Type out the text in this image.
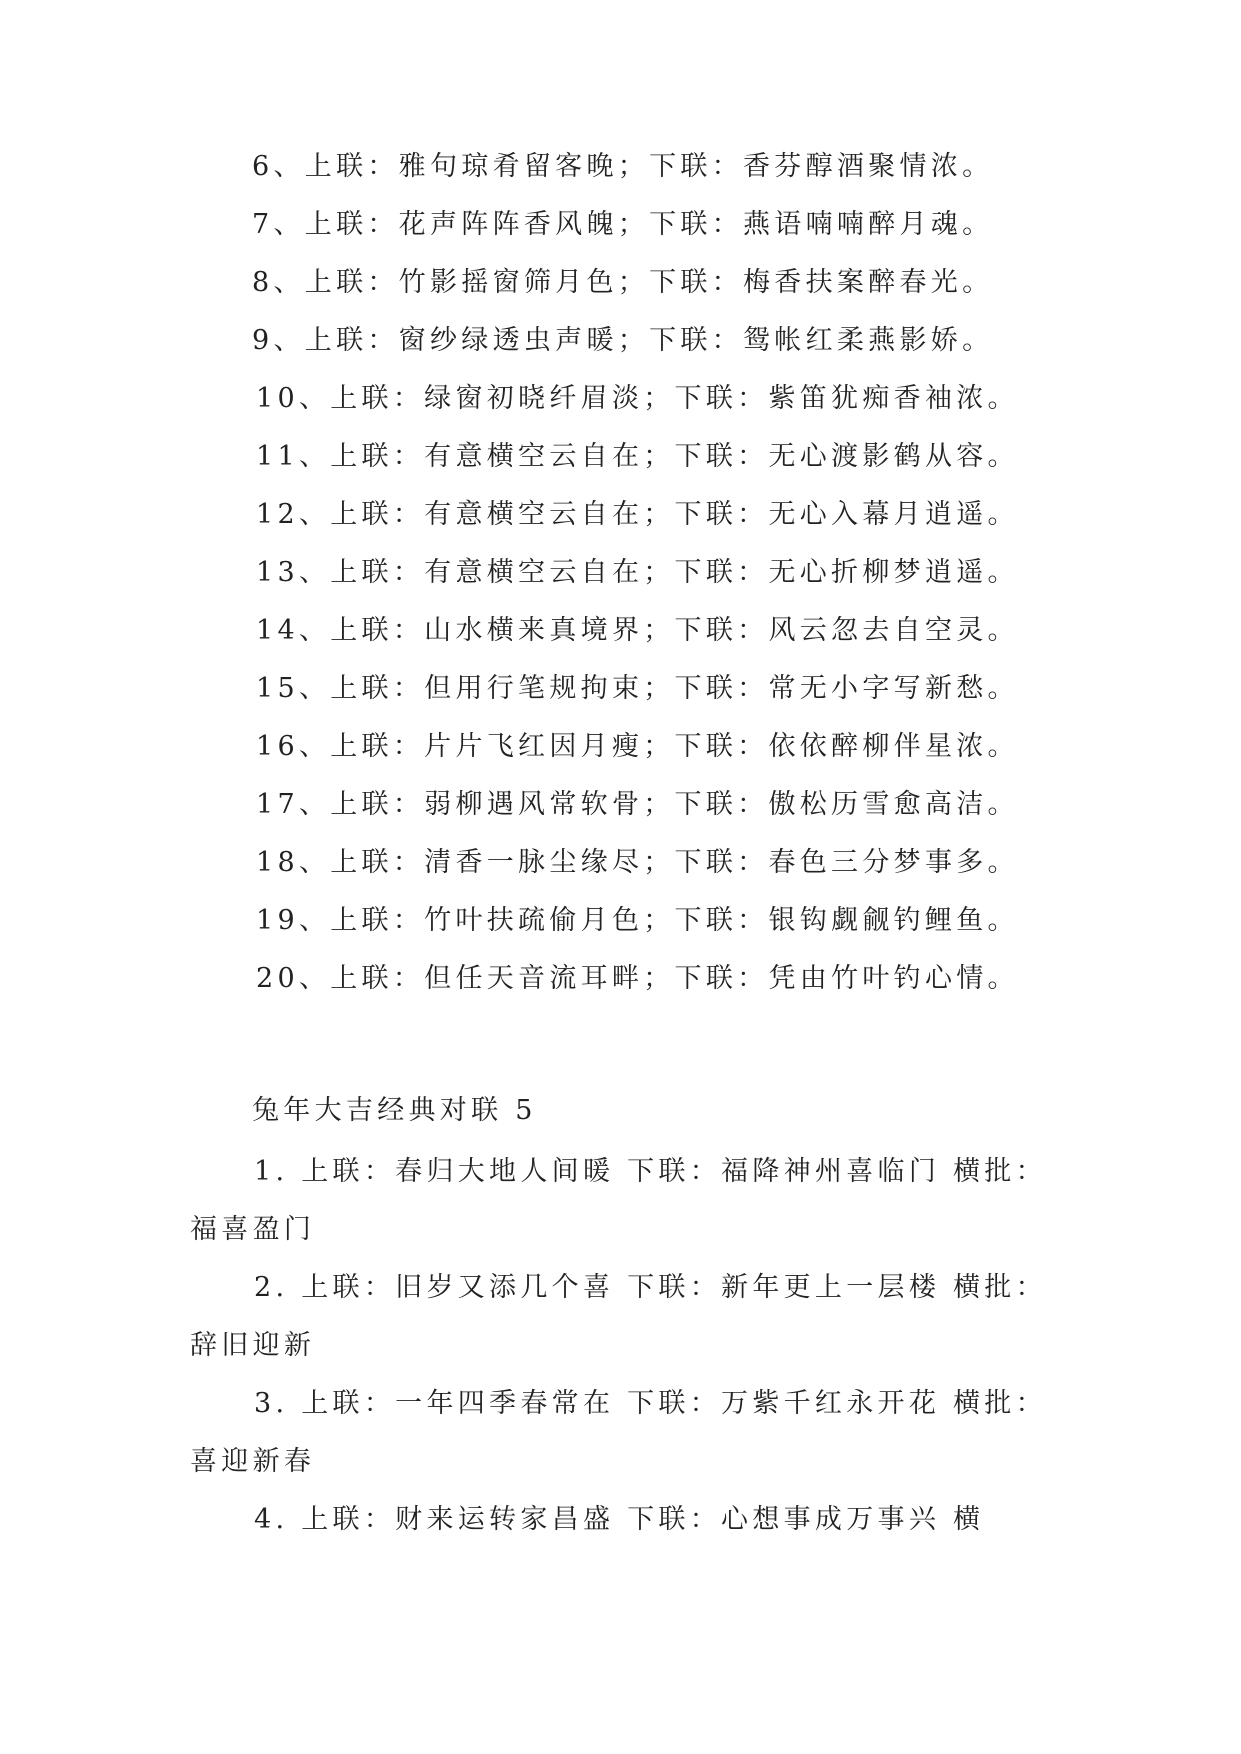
6、上联：雅句琼肴留客晚；下联：香芬醇酒聚情浓。
7、上联：花声阵阵香风魄；下联：燕语喃喃醉月魂。
8、上联：竹影摇窗筛月色；下联：梅香扶案醉春光。
9、上联：窗纱绿透虫声暖；下联：鸳帐红柔燕影娇。
10、上联：绿窗初晓纤眉淡；下联：紫笛犹痴香袖浓。
11、上联：有意横空云自在；下联：无心渡影鹤从容。
12、上联：有意横空云自在；下联：无心入幕月逍遥。
13、上联：有意横空云自在；下联：无心折柳梦逍遥。
14、上联：山水横来真境界；下联：风云忽去自空灵。
15、上联：但用行笔规拘束；下联：常无小字写新愁。
16、上联：片片飞红因月瘦；下联：依依醉柳伴星浓。
17、上联：弱柳遇风常软骨；下联：傲松历雪愈高洁。
18、上联：清香一脉尘缘尽；下联：春色三分梦事多。
19、上联：竹叶扶疏偷月色；下联：银钩觑觎钓鲤鱼。
20、上联：但任天音流耳畔；下联：凭由竹叶钓心情。
兔年大吉经典对联 5
1. 上联：春归大地人间暖 下联：福降神州喜临门 横批：福喜盈门
2. 上联：旧岁又添几个喜 下联：新年更上一层楼 横批：辞旧迎新
3. 上联：一年四季春常在 下联：万紫千红永开花 横批：喜迎新春
4. 上联：财来运转家昌盛 下联：心想事成万事兴 横
